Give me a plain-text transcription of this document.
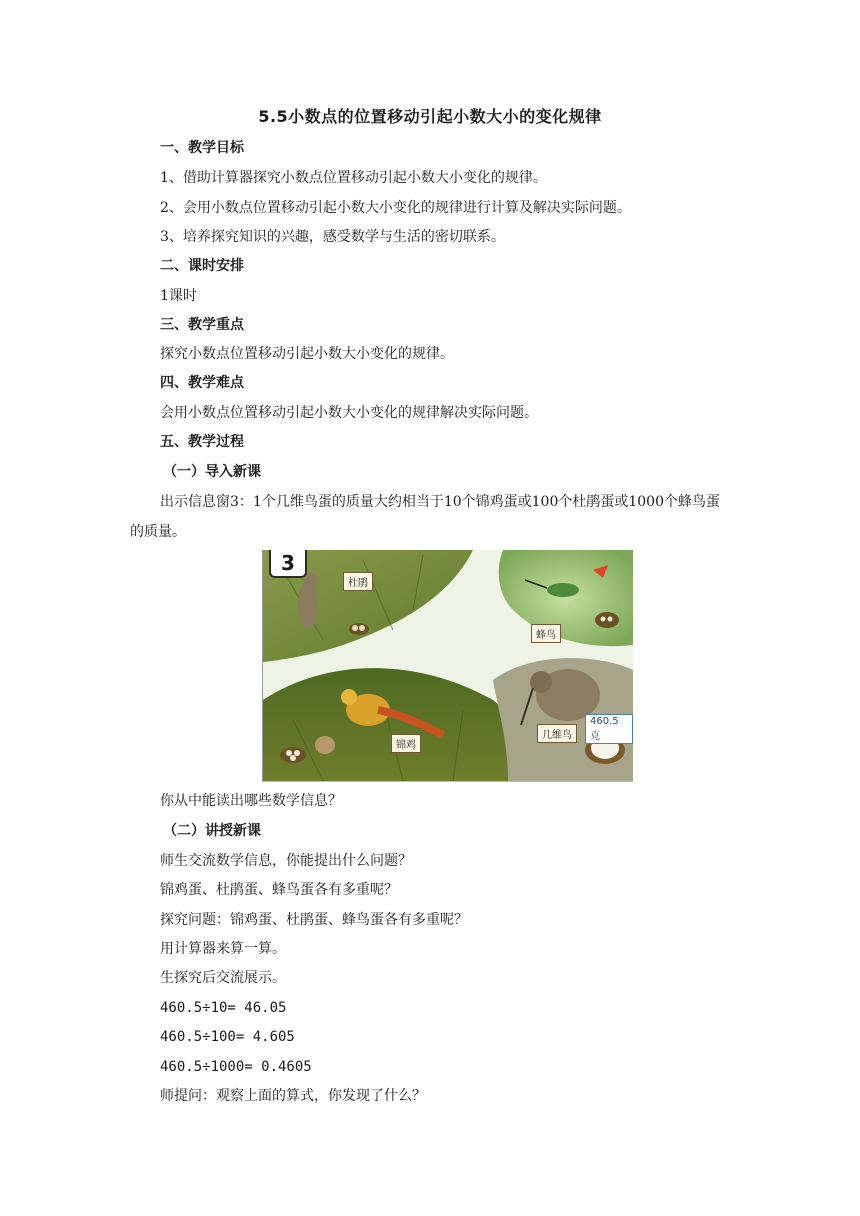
5.5小数点的位置移动引起小数大小的变化规律
一、教学目标
1、借助计算器探究小数点位置移动引起小数大小变化的规律。
2、会用小数点位置移动引起小数大小变化的规律进行计算及解决实际问题。
3、培养探究知识的兴趣，感受数学与生活的密切联系。
二、课时安排
1课时
三、教学重点
探究小数点位置移动引起小数大小变化的规律。
四、教学难点
会用小数点位置移动引起小数大小变化的规律解决实际问题。
五、教学过程
（一）导入新课
出示信息窗3：1个几维鸟蛋的质量大约相当于10个锦鸡蛋或100个杜鹃蛋或1000个蜂鸟蛋的质量。
3
杜鹃
蜂鸟
锦鸡
几维鸟
460.5克
你从中能读出哪些数学信息？
（二）讲授新课
师生交流数学信息，你能提出什么问题？
锦鸡蛋、杜鹃蛋、蜂鸟蛋各有多重呢？
探究问题：锦鸡蛋、杜鹃蛋、蜂鸟蛋各有多重呢？
用计算器来算一算。
生探究后交流展示。
460.5÷10= 46.05
460.5÷100= 4.605
460.5÷1000= 0.4605
师提问：观察上面的算式，你发现了什么？
